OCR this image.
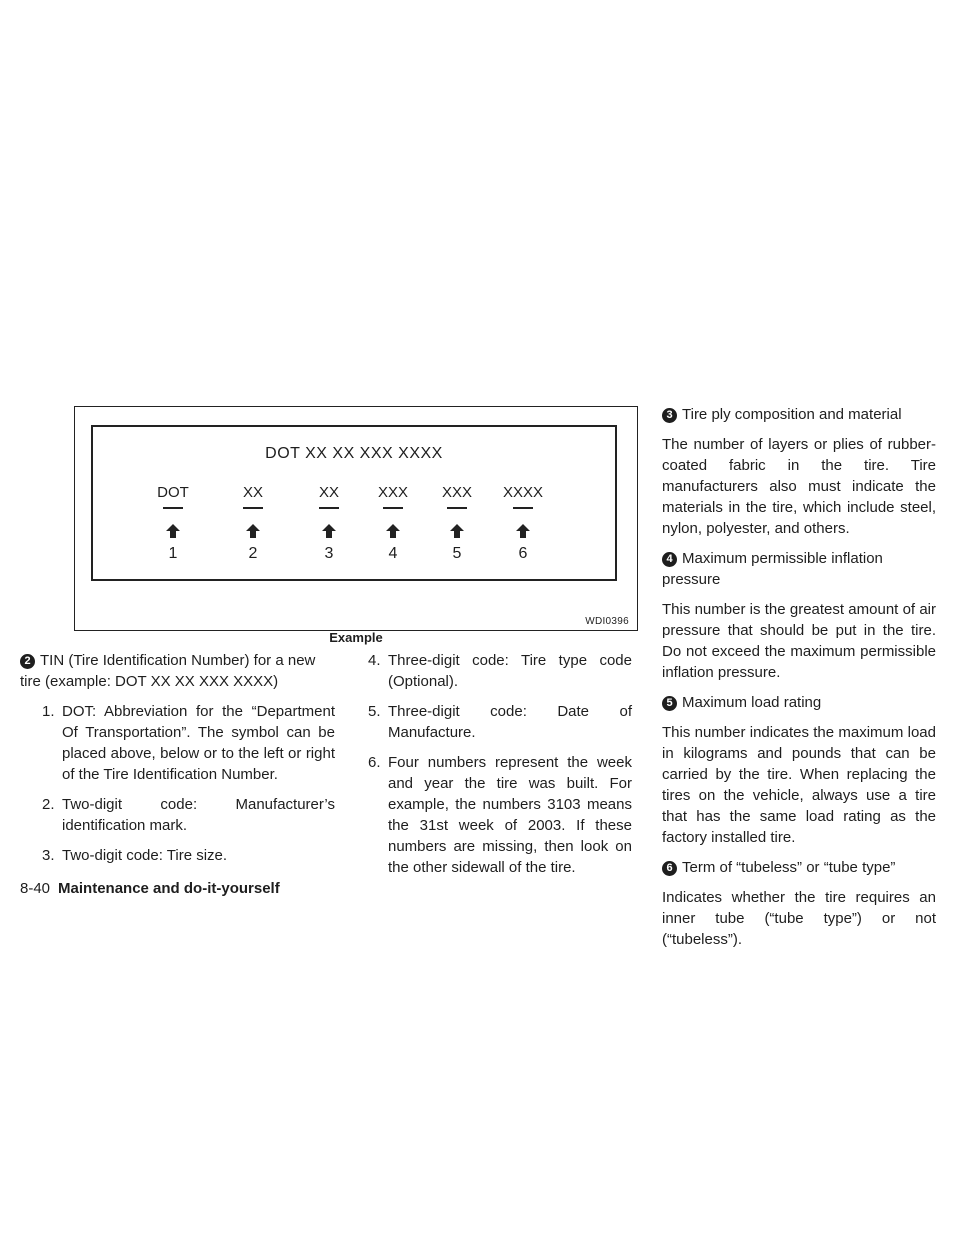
DOT XX XX XXX XXXX
DOT
1
XX
2
XX
3
XXX
4
XXX
5
XXXX
6
WDI0396
Example

2 TIN (Tire Identification Number) for a new tire (example: DOT XX XX XXX XXXX)

1. DOT: Abbreviation for the “Department Of Transportation”. The symbol can be placed above, below or to the left or right of the Tire Identification Number.
2. Two-digit code: Manufacturer’s identification mark.
3. Two-digit code: Tire size.
4. Three-digit code: Tire type code (Optional).
5. Three-digit code: Date of Manufacture.
6. Four numbers represent the week and year the tire was built. For example, the numbers 3103 means the 31st week of 2003. If these numbers are missing, then look on the other sidewall of the tire.

3 Tire ply composition and material

The number of layers or plies of rubber-coated fabric in the tire. Tire manufacturers also must indicate the materials in the tire, which include steel, nylon, polyester, and others.

4 Maximum permissible inflation pressure

This number is the greatest amount of air pressure that should be put in the tire. Do not exceed the maximum permissible inflation pressure.

5 Maximum load rating

This number indicates the maximum load in kilograms and pounds that can be carried by the tire. When replacing the tires on the vehicle, always use a tire that has the same load rating as the factory installed tire.

6 Term of “tubeless” or “tube type”

Indicates whether the tire requires an inner tube (“tube type”) or not (“tubeless”).

8-40 Maintenance and do-it-yourself
